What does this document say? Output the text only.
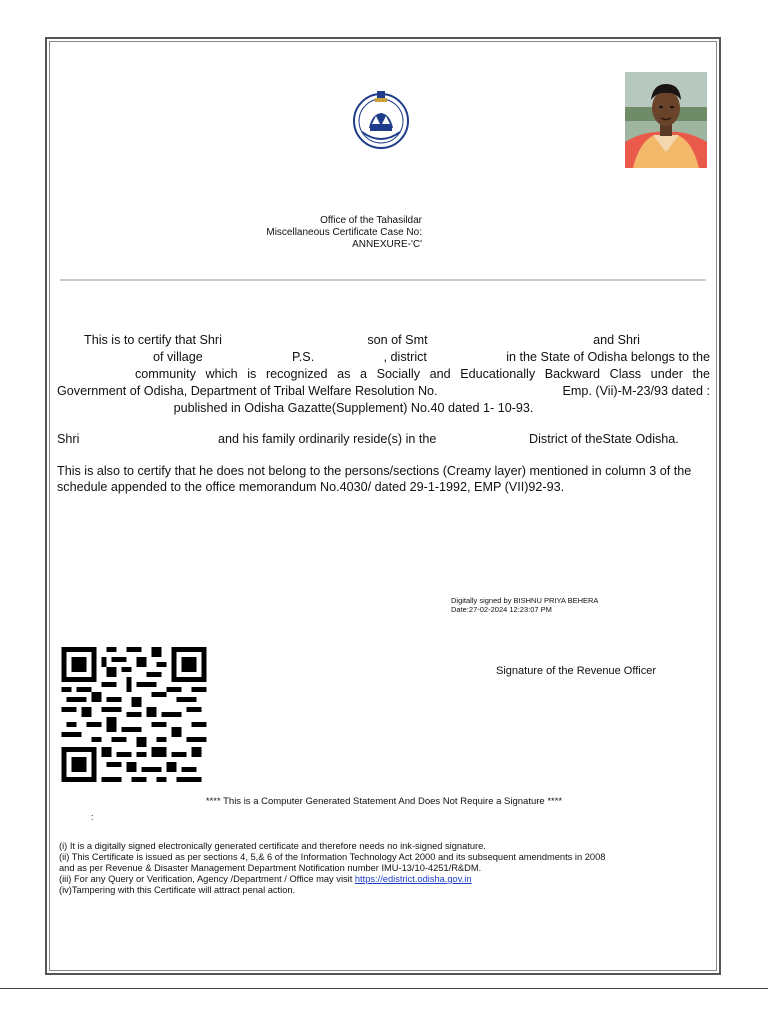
Office of the Tahasildar
Miscellaneous Certificate Case No:
ANNEXURE-'C'
This is to certify that Shri	son of Smt	and Shri
of village	P.S.	, district	in the State of Odisha belongs to the
community which is recognized as a Socially and Educationally Backward Class under the
Government of Odisha, Department of Tribal Welfare Resolution No.	Emp. (Vii)-M-23/93 dated :
published in Odisha Gazatte(Supplement) No.40 dated 1- 10-93.
Shri	and his family ordinarily reside(s) in the	District of theState Odisha.
This is also to certify that he does not belong to the persons/sections (Creamy layer) mentioned in column 3 of the schedule appended to the office memorandum No.4030/ dated 29-1-1992, EMP (VII)92-93.
Digitally signed by BISHNU PRIYA BEHERA
Date:27-02-2024 12:23:07 PM
Signature of the Revenue Officer
**** This is a Computer Generated Statement And Does Not Require a Signature ****
:
(i) It is a digitally signed electronically generated certificate and therefore needs no ink-signed signature.
(ii) This Certificate is issued as per sections 4, 5,& 6 of the Information Technology Act 2000 and its subsequent amendments in 2008
and as per Revenue & Disaster Management Department Notification number IMU-13/10-4251/R&DM.
(iii) For any Query or Verification, Agency /Department / Office may visit https://edistrict.odisha.gov.in
(iv)Tampering with this Certificate will attract penal action.
